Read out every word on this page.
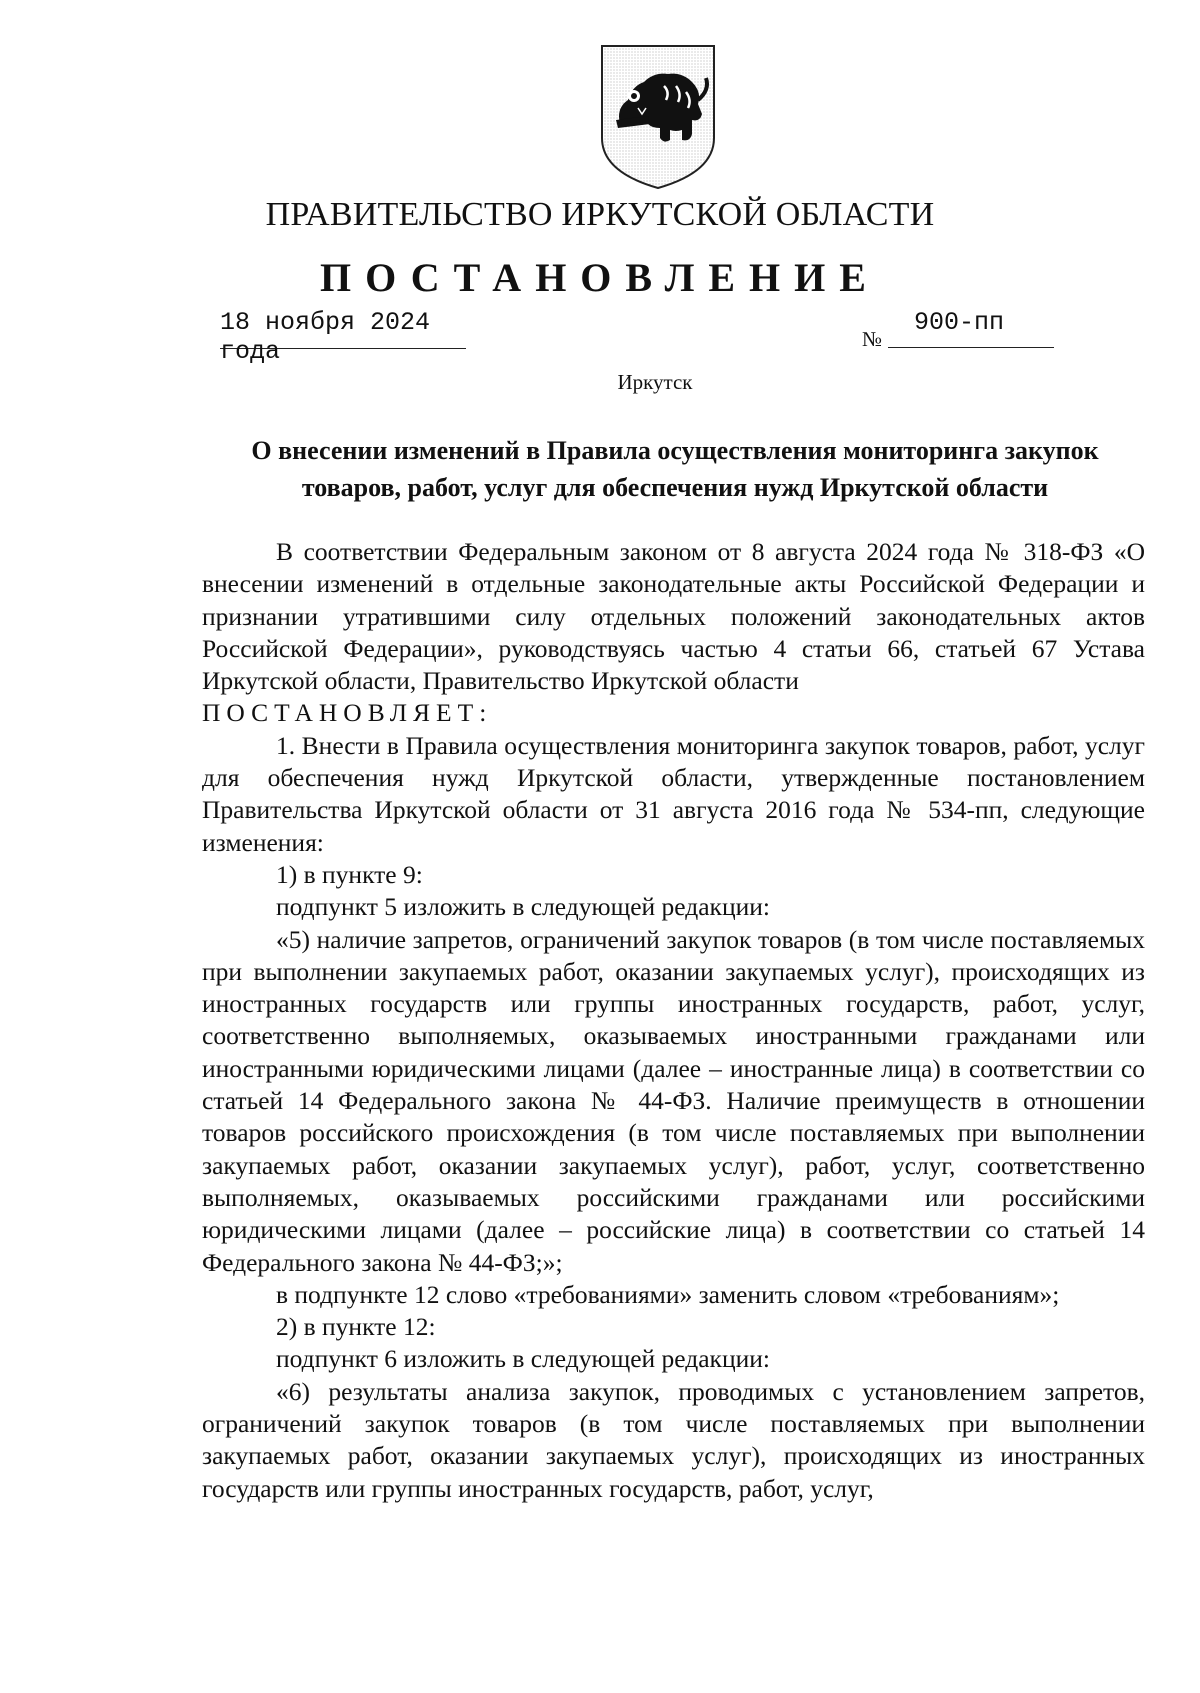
ПРАВИТЕЛЬСТВО ИРКУТСКОЙ ОБЛАСТИ
ПОСТАНОВЛЕНИЕ
18 ноября 2024 года	№
900-пп
Иркутск
О внесении изменений в Правила осуществления мониторинга закупок товаров, работ, услуг для обеспечения нужд Иркутской области

В соответствии Федеральным законом от 8 августа 2024 года № 318-ФЗ «О внесении изменений в отдельные законодательные акты Российской Федерации и признании утратившими силу отдельных положений законодательных актов Российской Федерации», руководствуясь частью 4 статьи 66, статьей 67 Устава Иркутской области, Правительство Иркутской области

ПОСТАНОВЛЯЕТ:

1. Внести в Правила осуществления мониторинга закупок товаров, работ, услуг для обеспечения нужд Иркутской области, утвержденные постановлением Правительства Иркутской области от 31 августа 2016 года № 534-пп, следующие изменения:

1) в пункте 9:

подпункт 5 изложить в следующей редакции:

«5) наличие запретов, ограничений закупок товаров (в том числе поставляемых при выполнении закупаемых работ, оказании закупаемых услуг), происходящих из иностранных государств или группы иностранных государств, работ, услуг, соответственно выполняемых, оказываемых иностранными гражданами или иностранными юридическими лицами (далее – иностранные лица) в соответствии со статьей 14 Федерального закона № 44-ФЗ. Наличие преимуществ в отношении товаров российского происхождения (в том числе поставляемых при выполнении закупаемых работ, оказании закупаемых услуг), работ, услуг, соответственно выполняемых, оказываемых российскими гражданами или российскими юридическими лицами (далее – российские лица) в соответствии со статьей 14 Федерального закона № 44-ФЗ;»;

в подпункте 12 слово «требованиями» заменить словом «требованиям»;

2) в пункте 12:

подпункт 6 изложить в следующей редакции:

«6) результаты анализа закупок, проводимых с установлением запретов, ограничений закупок товаров (в том числе поставляемых при выполнении закупаемых работ, оказании закупаемых услуг), происходящих из иностранных государств или группы иностранных государств, работ, услуг,
